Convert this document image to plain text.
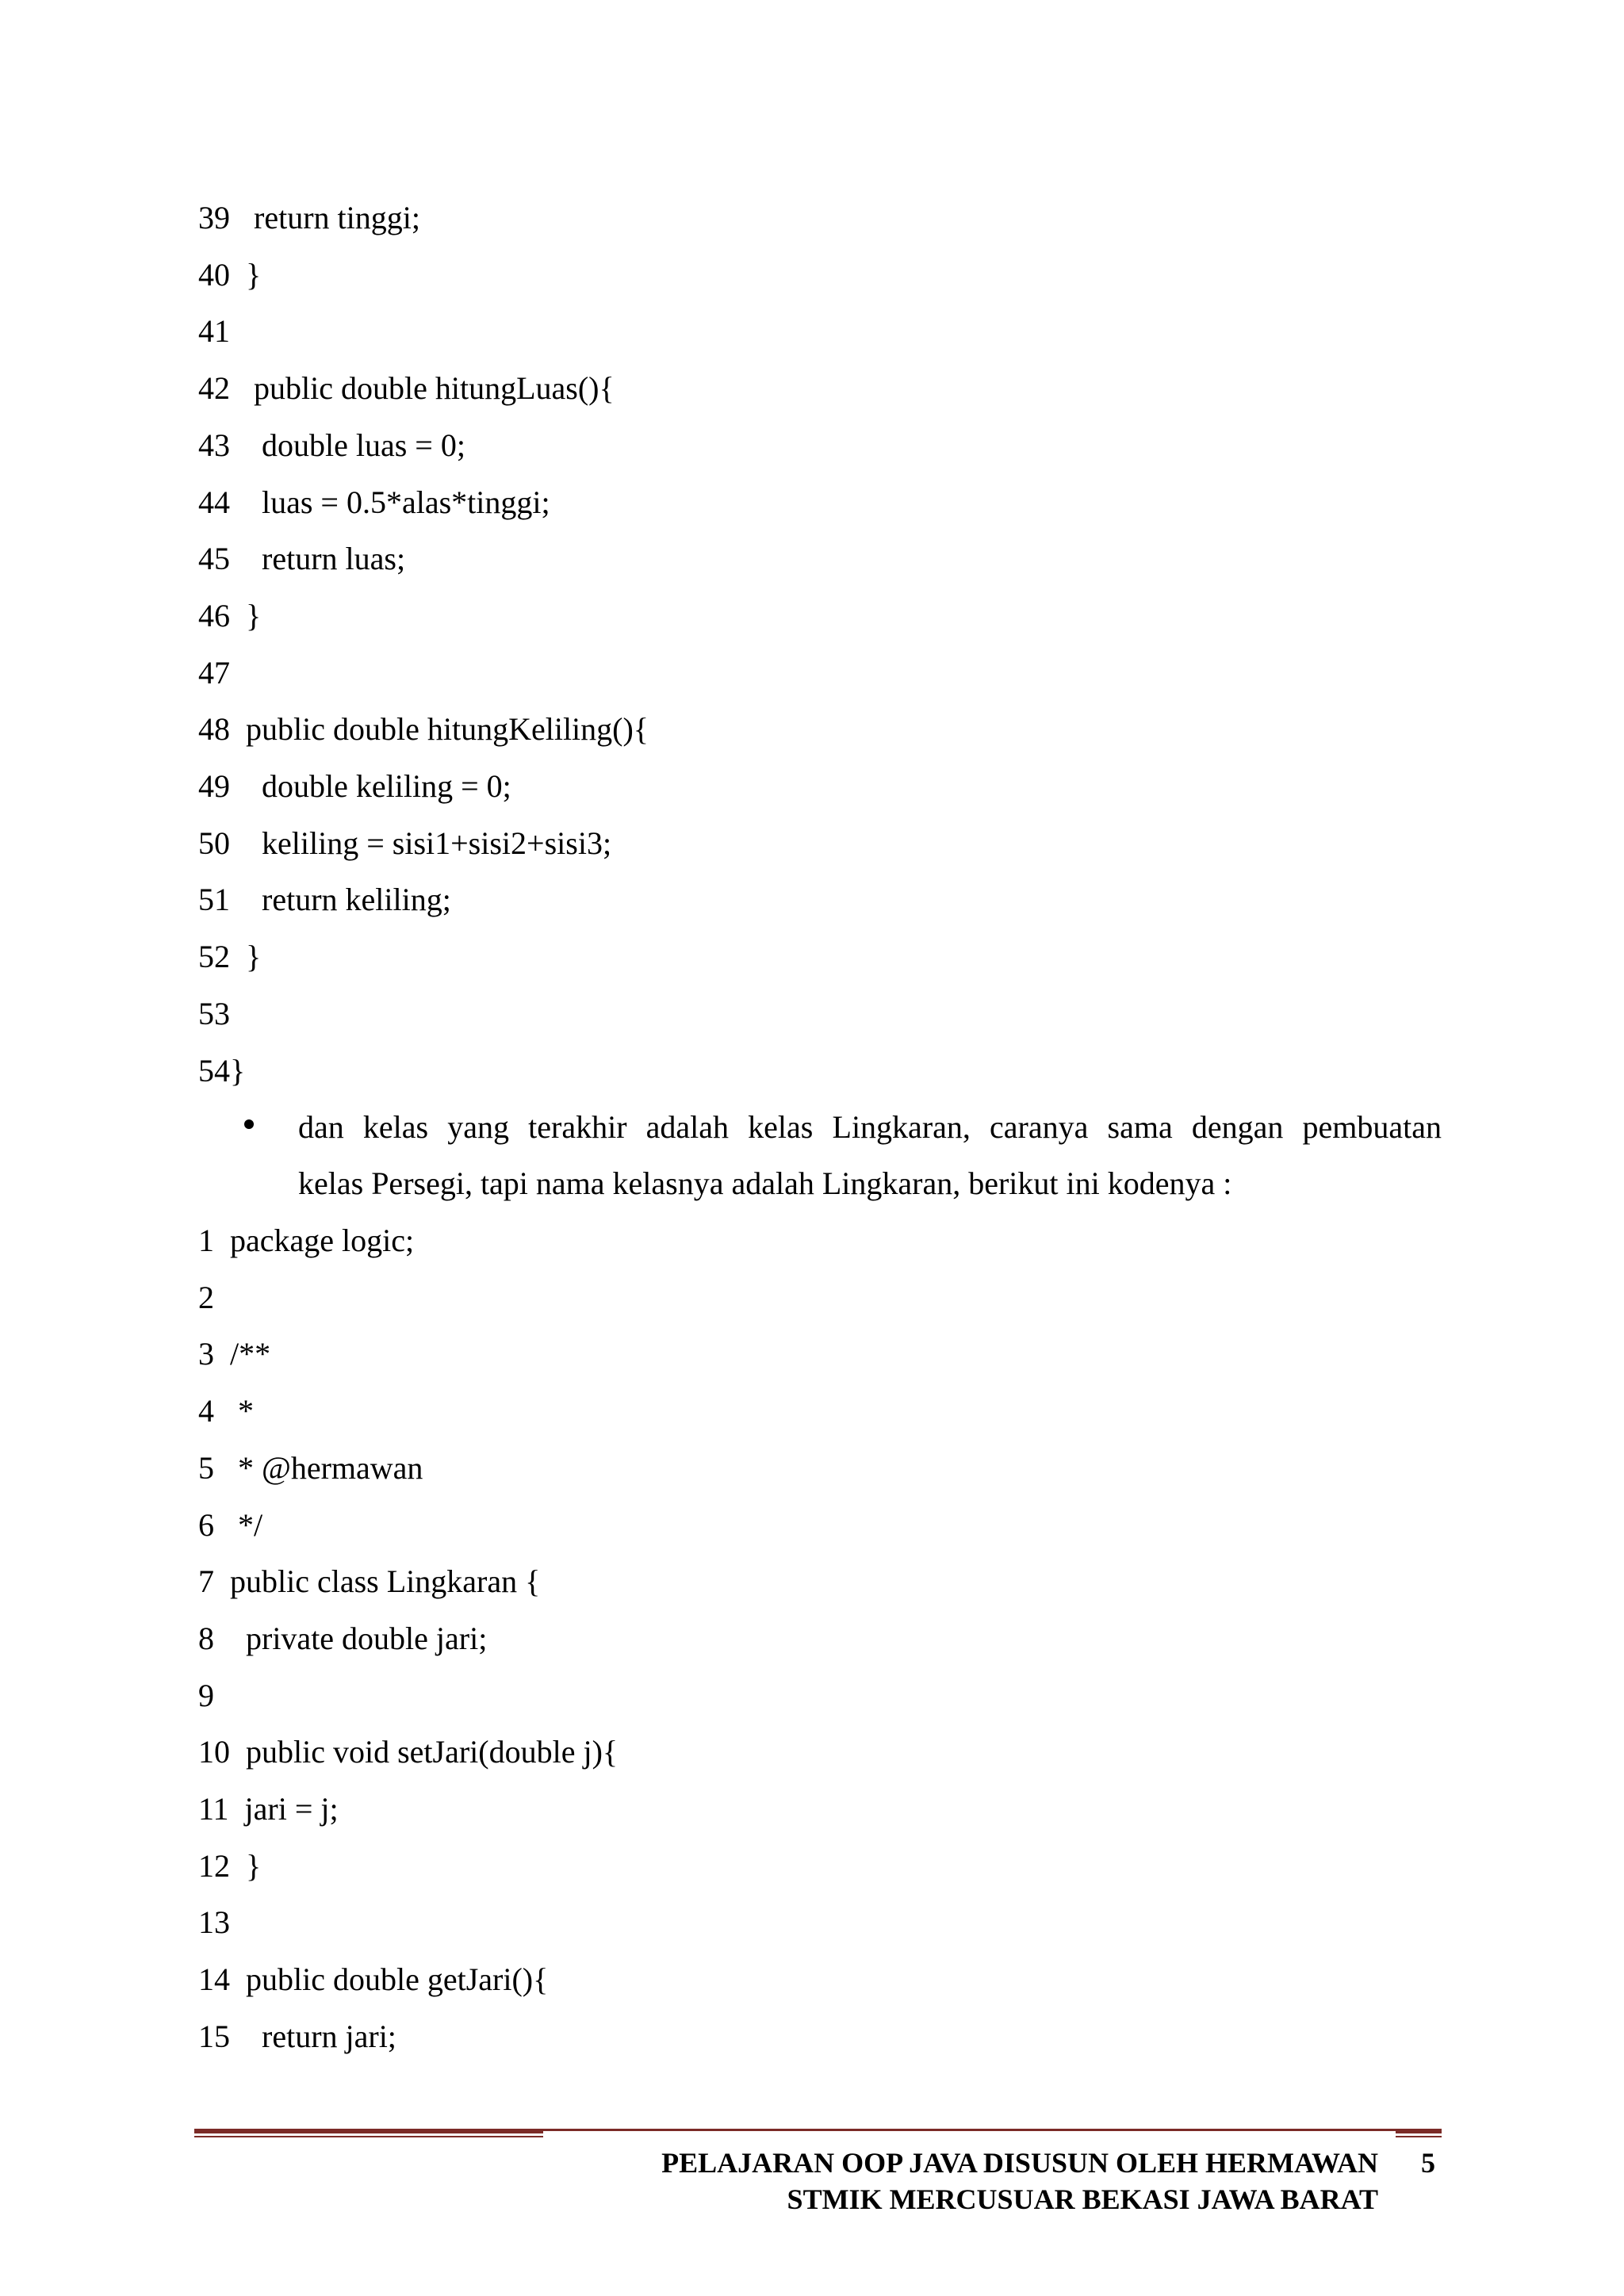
39   return tinggi;
40  }
41
42   public double hitungLuas(){
43    double luas = 0;
44    luas = 0.5*alas*tinggi;
45    return luas;
46  }
47
48  public double hitungKeliling(){
49    double keliling = 0;
50    keliling = sisi1+sisi2+sisi3;
51    return keliling;
52  }
53
54}
dan kelas yang terakhir adalah kelas Lingkaran, caranya sama dengan pembuatan
kelas Persegi, tapi nama kelasnya adalah Lingkaran, berikut ini kodenya :
1  package logic;
2
3  /**
4   *
5   * @hermawan
6   */
7  public class Lingkaran {
8    private double jari;
9
10  public void setJari(double j){
11  jari = j;
12  }
13
14  public double getJari(){
15    return jari;
PELAJARAN OOP JAVA DISUSUN OLEH HERMAWAN
STMIK MERCUSUAR BEKASI JAWA BARAT
5
